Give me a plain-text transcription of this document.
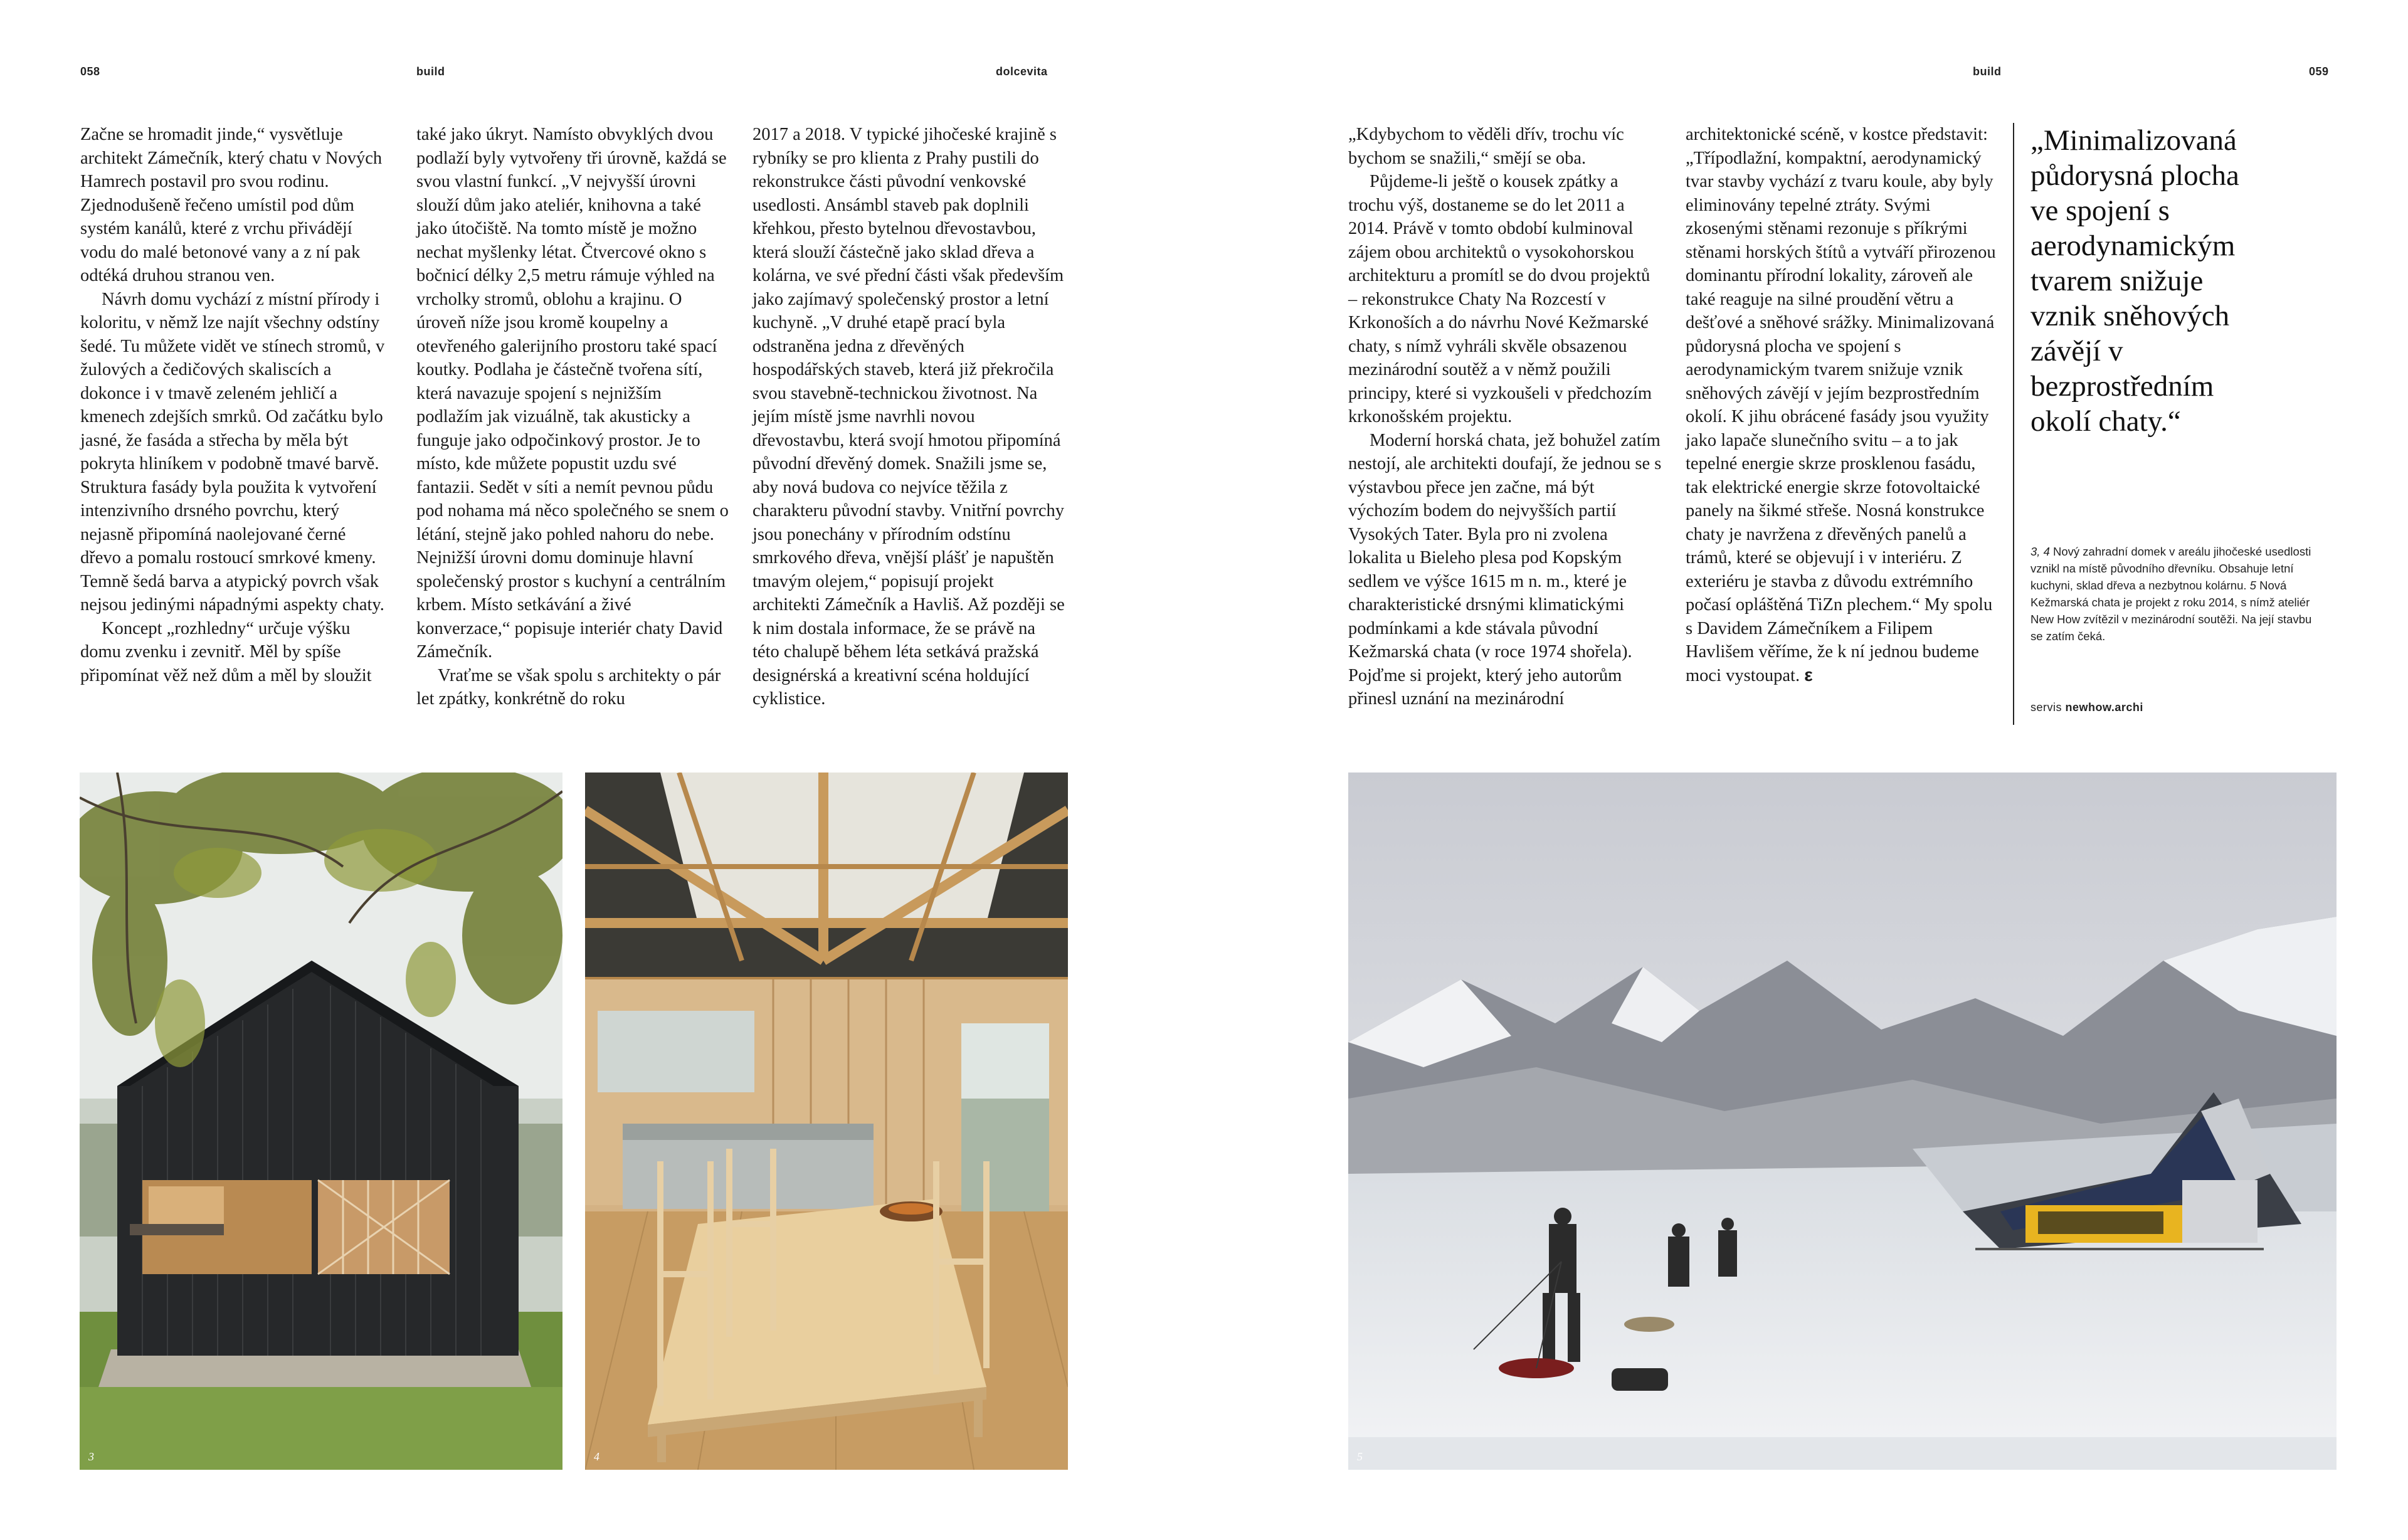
058	build	dolcevita	build	059

Začne se hromadit jinde,“ vysvětluje architekt Zámečník, který chatu v Nových Hamrech postavil pro svou rodinu. Zjednodušeně řečeno umístil pod dům systém kanálů, které z vrchu přivádějí vodu do malé betonové vany a z ní pak odtéká druhou stranou ven.

Návrh domu vychází z místní přírody i koloritu, v němž lze najít všechny odstíny šedé. Tu můžete vidět ve stínech stromů, v žulových a čedičových skaliscích a dokonce i v tmavě zeleném jehličí a kmenech zdejších smrků. Od začátku bylo jasné, že fasáda a střecha by měla být pokryta hliníkem v podobně tmavé barvě. Struktura fasády byla použita k vytvoření intenzivního drsného povrchu, který nejasně připomíná naolejované černé dřevo a pomalu rostoucí smrkové kmeny. Temně šedá barva a atypický povrch však nejsou jedinými nápadnými aspekty chaty.

Koncept „rozhledny“ určuje výšku domu zvenku i zevnitř. Měl by spíše připomínat věž než dům a měl by sloužit

také jako úkryt. Namísto obvyklých dvou podlaží byly vytvořeny tři úrovně, každá se svou vlastní funkcí. „V nejvyšší úrovni slouží dům jako ateliér, knihovna a také jako útočiště. Na tomto místě je možno nechat myšlenky létat. Čtvercové okno s bočnicí délky 2,5 metru rámuje výhled na vrcholky stromů, oblohu a krajinu. O úroveň níže jsou kromě koupelny a otevřeného galerijního prostoru také spací koutky. Podlaha je částečně tvořena sítí, která navazuje spojení s nejnižším podlažím jak vizuálně, tak akusticky a funguje jako odpočinkový prostor. Je to místo, kde můžete popustit uzdu své fantazii. Sedět v síti a nemít pevnou půdu pod nohama má něco společného se snem o létání, stejně jako pohled nahoru do nebe. Nejnižší úrovni domu dominuje hlavní společenský prostor s kuchyní a centrálním krbem. Místo setkávání a živé konverzace,“ popisuje interiér chaty David Zámečník.

Vraťme se však spolu s architekty o pár let zpátky, konkrétně do roku

2017 a 2018. V typické jihočeské krajině s rybníky se pro klienta z Prahy pustili do rekonstrukce části původní venkovské usedlosti. Ansámbl staveb pak doplnili křehkou, přesto bytelnou dřevostavbou, která slouží částečně jako sklad dřeva a kolárna, ve své přední části však především jako zajímavý společenský prostor a letní kuchyně. „V druhé etapě prací byla odstraněna jedna z dřevěných hospodářských staveb, která již překročila svou stavebně-technickou životnost. Na jejím místě jsme navrhli novou dřevostavbu, která svojí hmotou připomíná původní dřevěný domek. Snažili jsme se, aby nová budova co nejvíce těžila z charakteru původní stavby. Vnitřní povrchy jsou ponechány v přírodním odstínu smrkového dřeva, vnější plášť je napuštěn tmavým olejem,“ popisují projekt architekti Zámečník a Havliš. Až později se k nim dostala informace, že se právě na této chalupě během léta setkává pražská designérská a kreativní scéna holdující cyklistice.

„Kdybychom to věděli dřív, trochu víc bychom se snažili,“ smějí se oba.

Půjdeme-li ještě o kousek zpátky a trochu výš, dostaneme se do let 2011 a 2014. Právě v tomto období kulminoval zájem obou architektů o vysokohorskou architekturu a promítl se do dvou projektů – rekonstrukce Chaty Na Rozcestí v Krkonoších a do návrhu Nové Kežmarské chaty, s nímž vyhráli skvěle obsazenou mezinárodní soutěž a v němž použili principy, které si vyzkoušeli v předchozím krkonošském projektu.

Moderní horská chata, jež bohužel zatím nestojí, ale architekti doufají, že jednou se s výstavbou přece jen začne, má být výchozím bodem do nejvyšších partií Vysokých Tater. Byla pro ni zvolena lokalita u Bieleho plesa pod Kopským sedlem ve výšce 1615 m n. m., které je charakteristické drsnými klimatickými podmínkami a kde stávala původní Kežmarská chata (v roce 1974 shořela). Pojďme si projekt, který jeho autorům přinesl uznání na mezinárodní

architektonické scéně, v kostce představit: „Třípodlažní, kompaktní, aerodynamický tvar stavby vychází z tvaru koule, aby byly eliminovány tepelné ztráty. Svými zkosenými stěnami rezonuje s příkrými stěnami horských štítů a vytváří přirozenou dominantu přírodní lokality, zároveň ale také reaguje na silné proudění větru a dešťové a sněhové srážky. Minimalizovaná půdorysná plocha ve spojení s aerodynamickým tvarem snižuje vznik sněhových závějí v jejím bezprostředním okolí. K jihu obrácené fasády jsou využity jako lapače slunečního svitu – a to jak tepelné energie skrze prosklenou fasádu, tak elektrické energie skrze fotovoltaické panely na šikmé střeše. Nosná konstrukce chaty je navržena z dřevěných panelů a trámů, které se objevují i v interiéru. Z exteriéru je stavba z důvodu extrémního počasí opláštěná TiZn plechem.“ My spolu s Davidem Zámečníkem a Filipem Havlišem věříme, že k ní jednou budeme moci vystoupat. ε

„Minimalizovaná půdorysná plocha ve spojení s aerodynamickým tvarem snižuje vznik sněhových závějí v bezprostředním okolí chaty.“
3, 4 Nový zahradní domek v areálu jihočeské usedlosti vznikl na místě původního dřevníku. Obsahuje letní kuchyni, sklad dřeva a nezbytnou kolárnu. 5 Nová Kežmarská chata je projekt z roku 2014, s nímž ateliér New How zvítězil v mezinárodní soutěži. Na její stavbu se zatím čeká.
servis newhow.archi
3	4	5
